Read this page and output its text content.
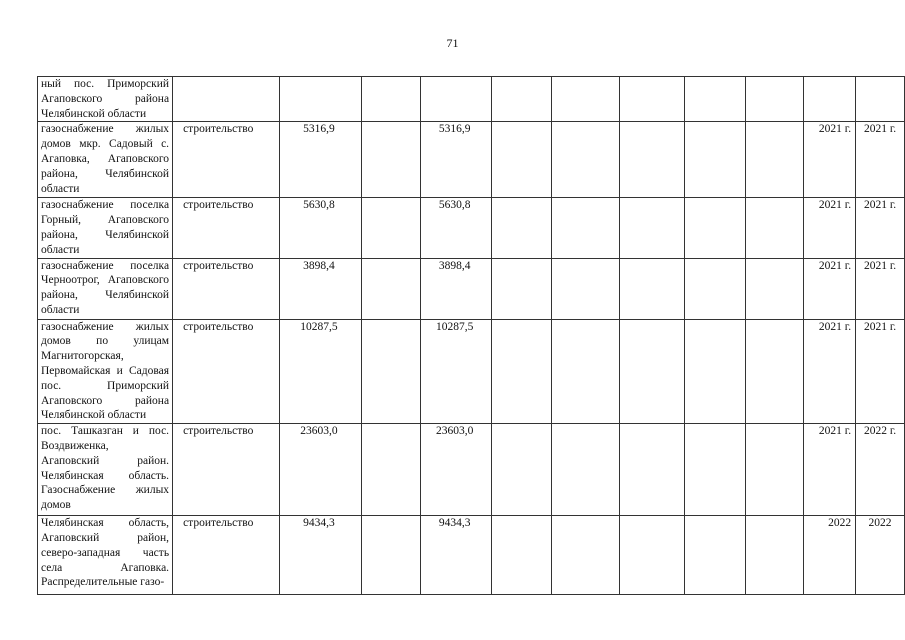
71
ный пос. Приморский Агаповского района Челябинской области											
газоснабжение жилых домов мкр. Садовый с. Агаповка, Агаповского района, Челябинской области	строительство	5316,9		5316,9						2021 г.	2021 г.
газоснабжение поселка Горный, Агаповского района, Челябинской области	строительство	5630,8		5630,8						2021 г.	2021 г.
газоснабжение поселка Черноотрог, Агаповского района, Челябинской области	строительство	3898,4		3898,4						2021 г.	2021 г.
газоснабжение жилых домов по улицам Магнитогорская, Первомайская и Садовая пос. Приморский Агаповского района Челябинской области	строительство	10287,5		10287,5						2021 г.	2021 г.
пос. Ташказган и пос. Воздвиженка, Агаповский район. Челябинская область. Газоснабжение жилых домов	строительство	23603,0		23603,0						2021 г.	2022 г.
Челябинская область, Агаповский район, северо-западная часть села Агаповка. Распределительные газо-	строительство	9434,3		9434,3						2022	2022
